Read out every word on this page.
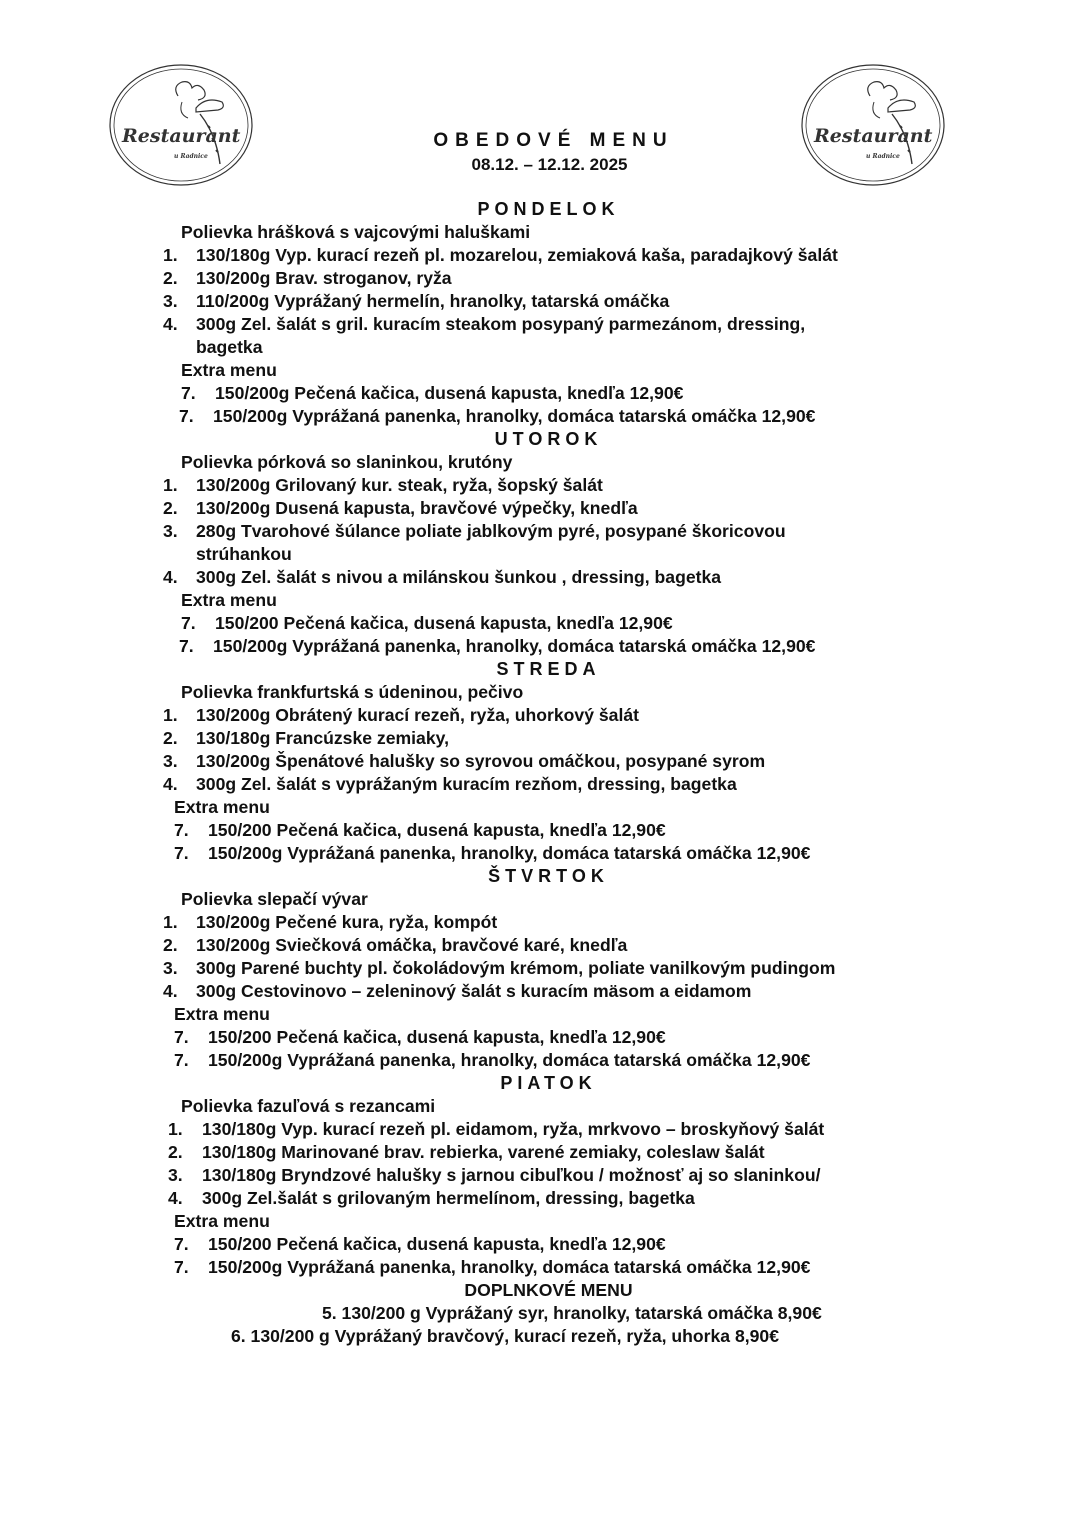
Restaurant
u Radnice
Restaurant
u Radnice
OBEDOVÉ MENU
08.12. – 12.12. 2025
PONDELOK
Polievka hrášková s vajcovými haluškami
1. 130/180g Vyp. kurací rezeň pl. mozarelou, zemiaková kaša, paradajkový šalát
2. 130/200g Brav. stroganov, ryža
3. 110/200g Vyprážaný hermelín, hranolky, tatarská omáčka
4. 300g Zel. šalát s gril. kuracím steakom posypaný parmezánom, dressing,
bagetka
Extra menu
7. 150/200g Pečená kačica, dusená kapusta, knedľa 12,90€
7. 150/200g Vyprážaná panenka, hranolky, domáca tatarská omáčka 12,90€
UTOROK
Polievka pórková so slaninkou, krutóny
1. 130/200g Grilovaný kur. steak, ryža, šopský šalát
2. 130/200g Dusená kapusta, bravčové výpečky, knedľa
3. 280g Tvarohové šúlance poliate jablkovým pyré, posypané škoricovou
strúhankou
4. 300g Zel. šalát s nivou a milánskou šunkou , dressing, bagetka
Extra menu
7. 150/200 Pečená kačica, dusená kapusta, knedľa 12,90€
7. 150/200g Vyprážaná panenka, hranolky, domáca tatarská omáčka 12,90€
STREDA
Polievka frankfurtská s údeninou, pečivo
1. 130/200g Obrátený kurací rezeň, ryža, uhorkový šalát
2. 130/180g Francúzske zemiaky,
3. 130/200g Špenátové halušky so syrovou omáčkou, posypané syrom
4. 300g Zel. šalát s vyprážaným kuracím rezňom, dressing, bagetka
Extra menu
7. 150/200 Pečená kačica, dusená kapusta, knedľa 12,90€
7. 150/200g Vyprážaná panenka, hranolky, domáca tatarská omáčka 12,90€
ŠTVRTOK
Polievka slepačí vývar
1. 130/200g Pečené kura, ryža, kompót
2. 130/200g Sviečková omáčka, bravčové karé, knedľa
3. 300g Parené buchty pl. čokoládovým krémom, poliate vanilkovým pudingom
4. 300g Cestovinovo – zeleninový šalát s kuracím mäsom a eidamom
Extra menu
7. 150/200 Pečená kačica, dusená kapusta, knedľa 12,90€
7. 150/200g Vyprážaná panenka, hranolky, domáca tatarská omáčka 12,90€
PIATOK
Polievka fazuľová s rezancami
1. 130/180g Vyp. kurací rezeň pl. eidamom, ryža, mrkvovo – broskyňový šalát
2. 130/180g Marinované brav. rebierka, varené zemiaky, coleslaw šalát
3. 130/180g Bryndzové halušky s jarnou cibuľkou / možnosť aj so slaninkou/
4. 300g Zel.šalát s grilovaným hermelínom, dressing, bagetka
Extra menu
7. 150/200 Pečená kačica, dusená kapusta, knedľa 12,90€
7. 150/200g Vyprážaná panenka, hranolky, domáca tatarská omáčka 12,90€
DOPLNKOVÉ MENU
5. 130/200 g Vyprážaný syr, hranolky, tatarská omáčka 8,90€
6. 130/200 g Vyprážaný bravčový, kurací rezeň, ryža, uhorka 8,90€
